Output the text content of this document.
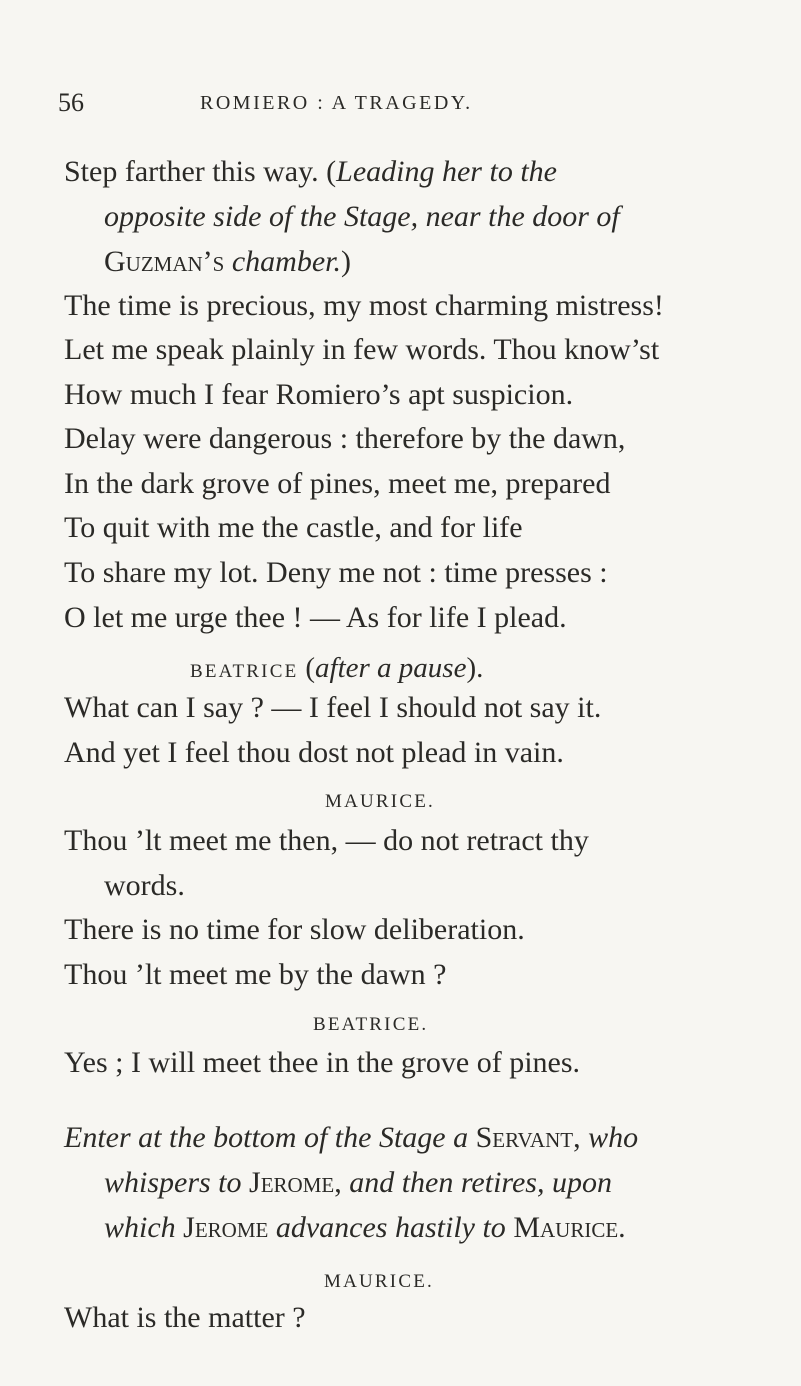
56	ROMIERO : A TRAGEDY.
Step farther this way. (Leading her to the
opposite side of the Stage, near the door of
Guzman’s chamber.)
The time is precious, my most charming mistress!
Let me speak plainly in few words. Thou know’st
How much I fear Romiero’s apt suspicion.
Delay were dangerous : therefore by the dawn,
In the dark grove of pines, meet me, prepared
To quit with me the castle, and for life
To share my lot. Deny me not : time presses :
O let me urge thee ! — As for life I plead.
BEATRICE (after a pause).
What can I say ? — I feel I should not say it.
And yet I feel thou dost not plead in vain.
MAURICE.
Thou ’lt meet me then, — do not retract thy
words.
There is no time for slow deliberation.
Thou ’lt meet me by the dawn ?
BEATRICE.
Yes ; I will meet thee in the grove of pines.
Enter at the bottom of the Stage a Servant, who
whispers to Jerome, and then retires, upon
which Jerome advances hastily to Maurice.
MAURICE.
What is the matter ?
